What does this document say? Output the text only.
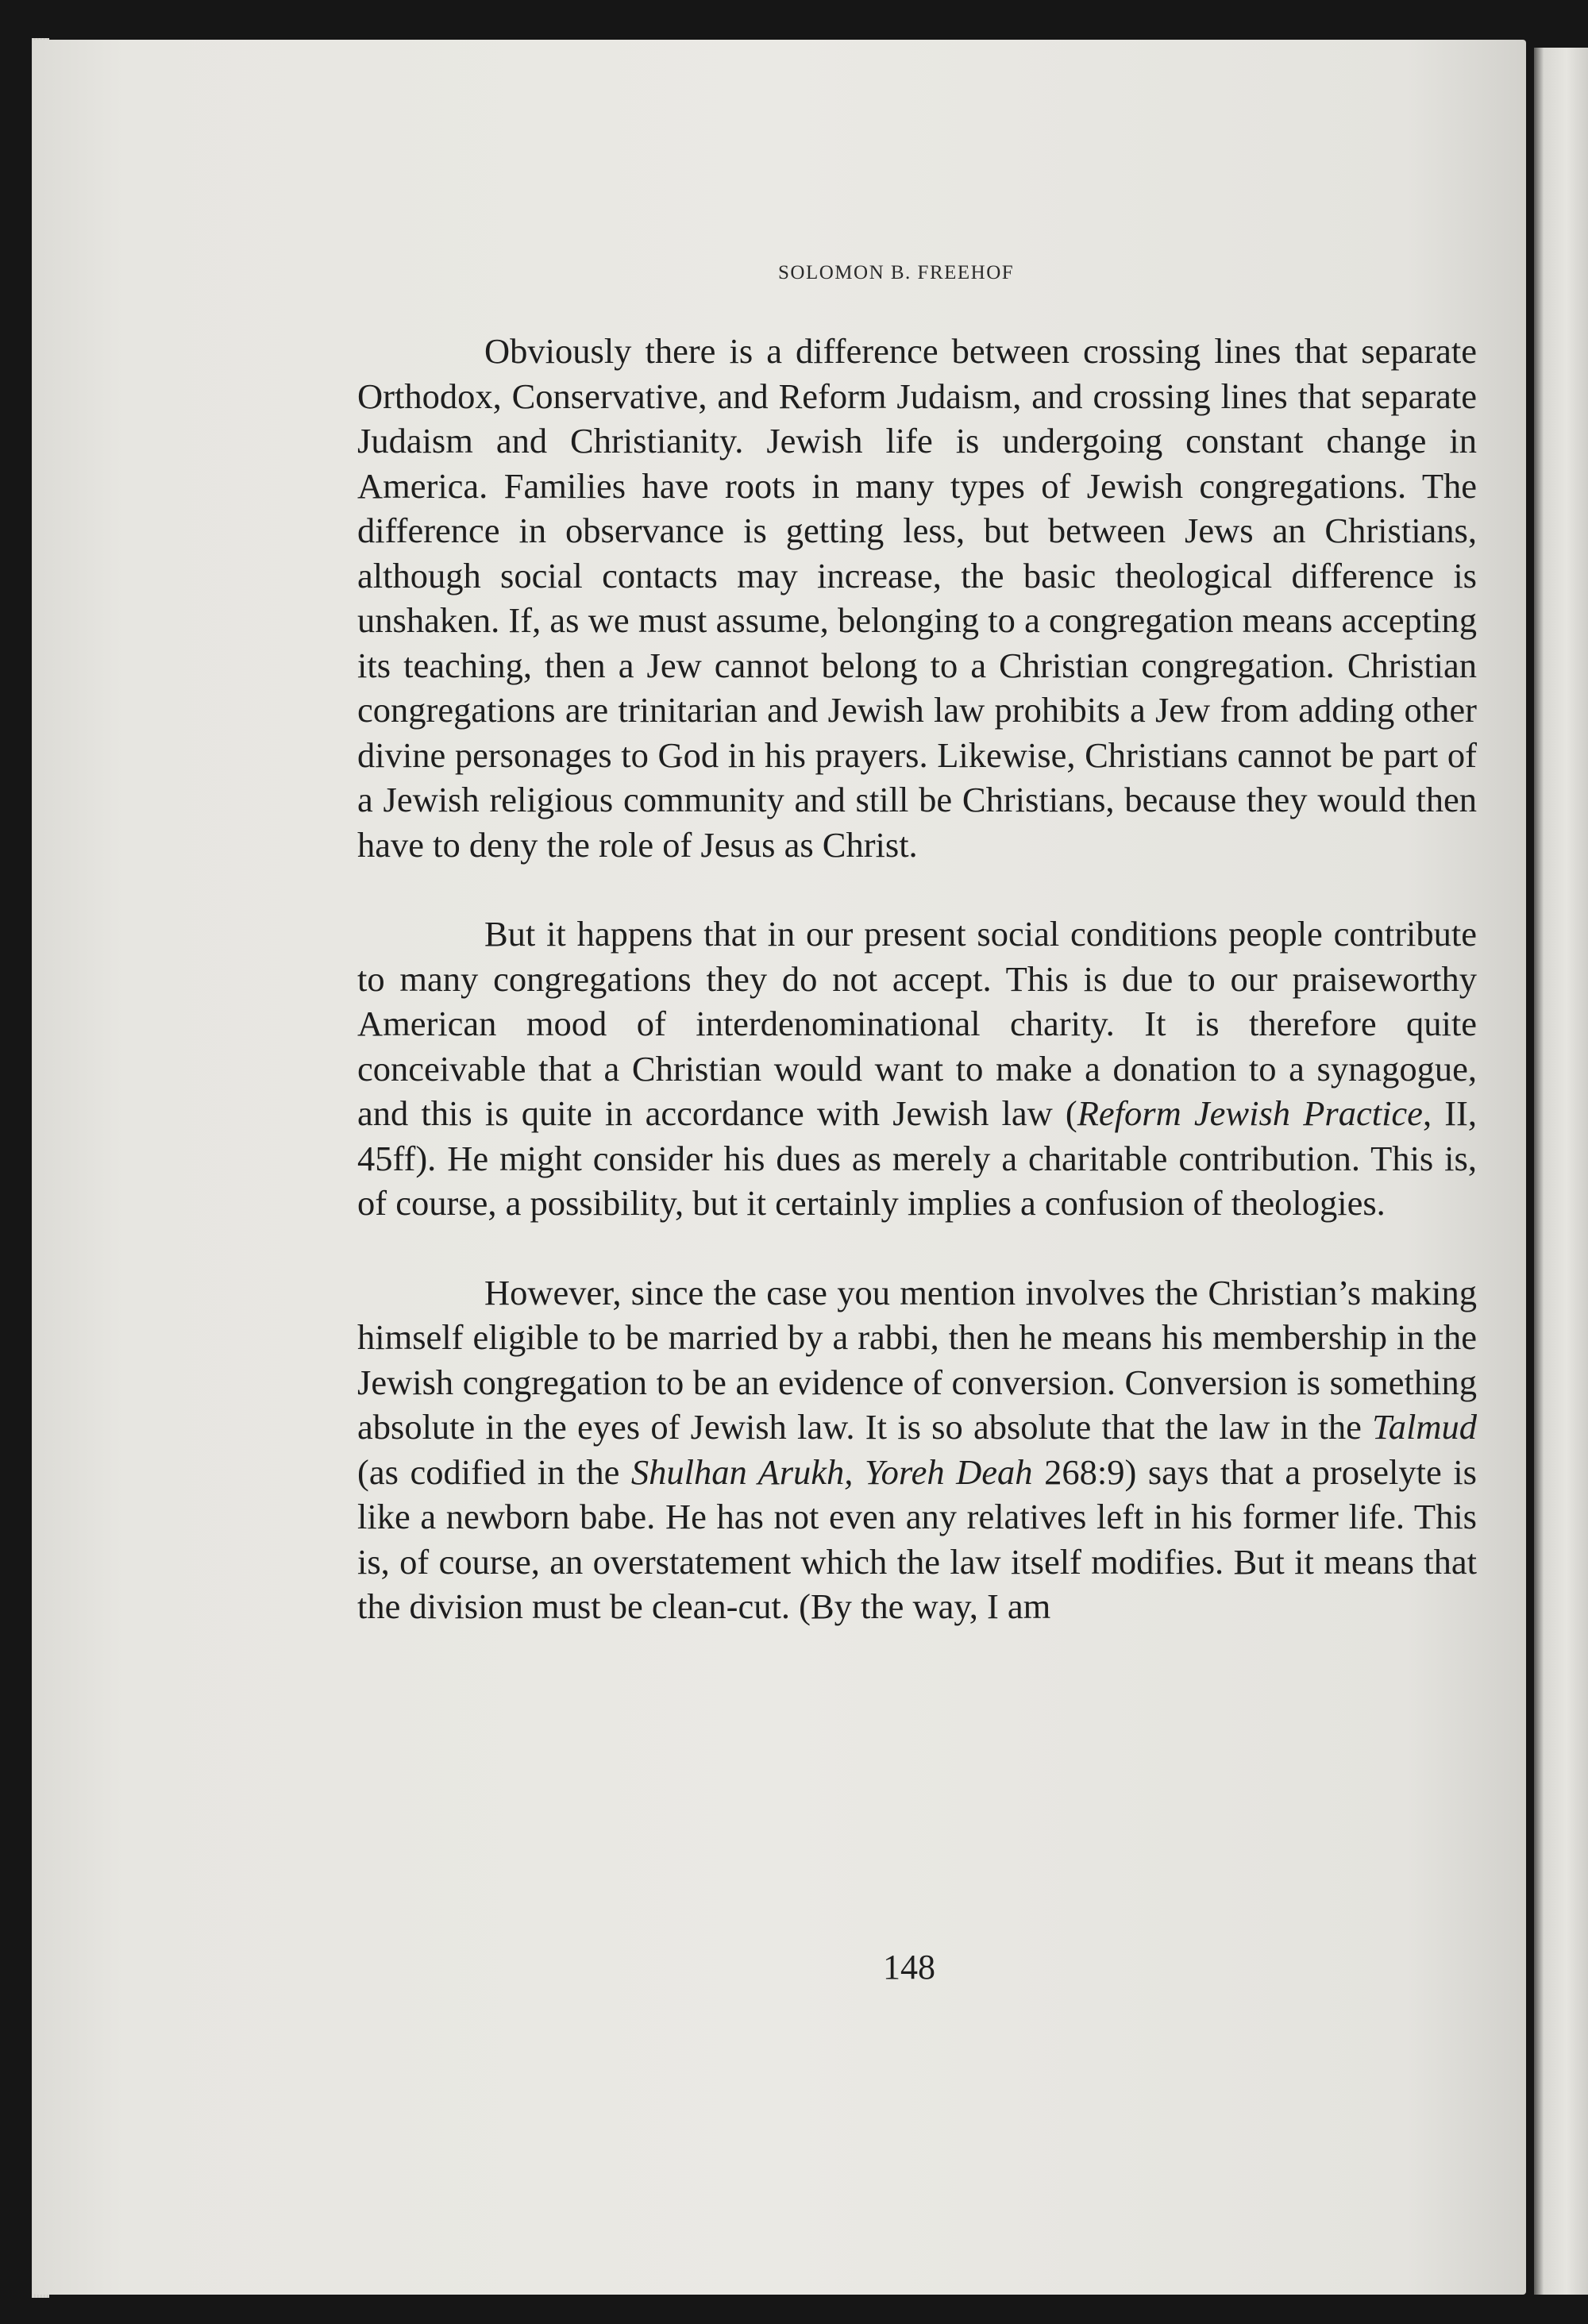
SOLOMON B. FREEHOF

Obviously there is a difference between crossing lines that separate Orthodox, Conservative, and Reform Judaism, and crossing lines that separate Judaism and Christianity. Jewish life is undergoing constant change in America. Families have roots in many types of Jewish congregations. The difference in observance is getting less, but between Jews an Christians, although social contacts may increase, the basic theological difference is unshaken. If, as we must assume, belonging to a congregation means accepting its teaching, then a Jew cannot belong to a Christian congregation. Christian congregations are trinitarian and Jewish law prohibits a Jew from adding other divine personages to God in his prayers. Likewise, Christians cannot be part of a Jewish religious community and still be Christians, because they would then have to deny the role of Jesus as Christ.

But it happens that in our present social conditions people contribute to many congregations they do not accept. This is due to our praiseworthy American mood of interdenominational charity. It is therefore quite conceivable that a Christian would want to make a donation to a synagogue, and this is quite in accordance with Jewish law (Reform Jewish Practice, II, 45ff). He might consider his dues as merely a charitable contribution. This is, of course, a possibility, but it certainly implies a confusion of theologies.

However, since the case you mention involves the Christian’s making himself eligible to be married by a rabbi, then he means his membership in the Jewish congregation to be an evidence of conversion. Conversion is something absolute in the eyes of Jewish law. It is so absolute that the law in the Talmud (as codified in the Shulhan Arukh, Yoreh Deah 268:9) says that a proselyte is like a newborn babe. He has not even any relatives left in his former life. This is, of course, an overstatement which the law itself modifies. But it means that the division must be clean-cut. (By the way, I am

148
